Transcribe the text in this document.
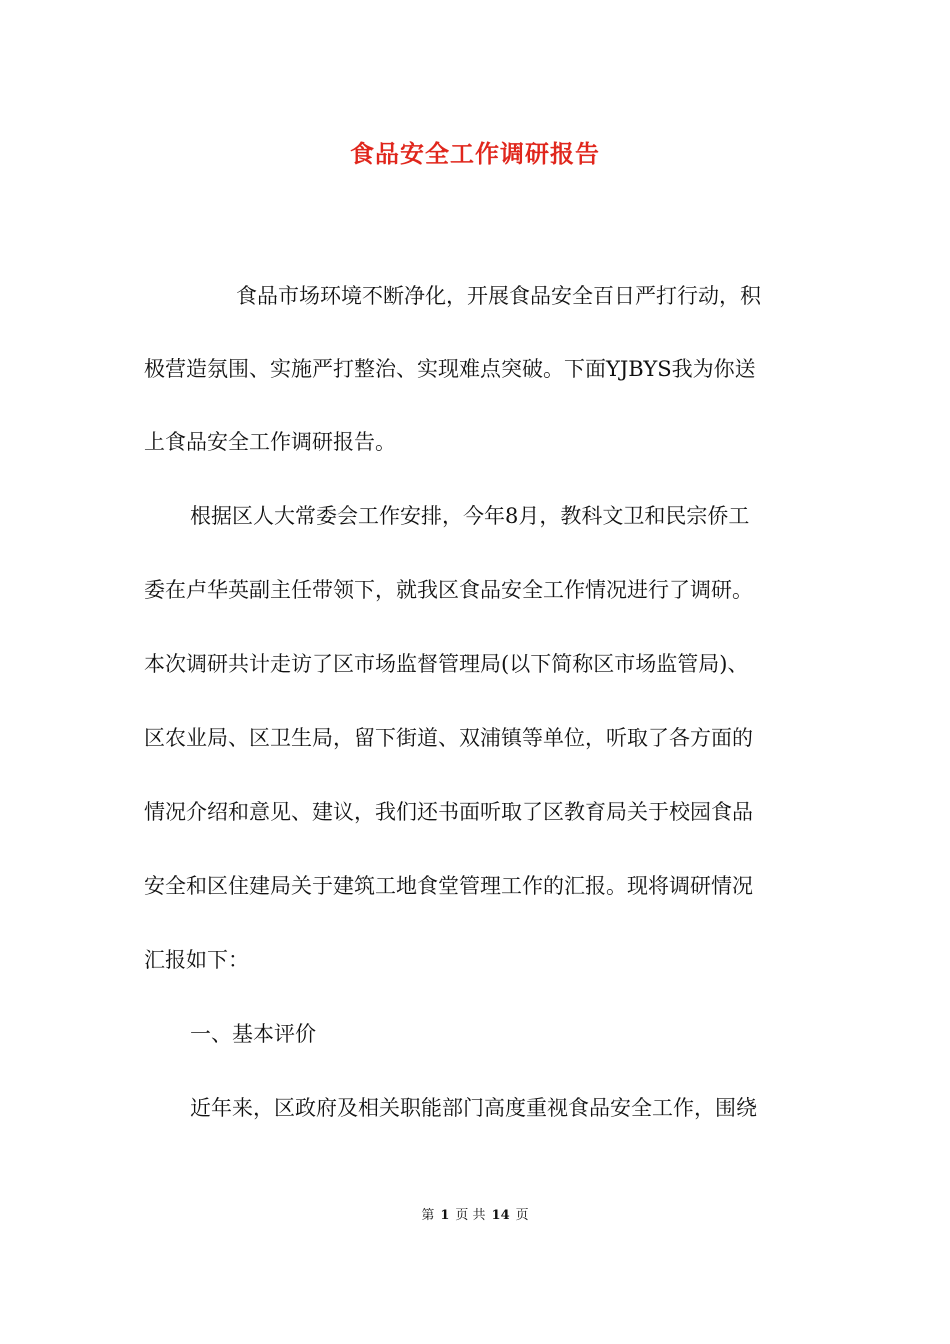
食品安全工作调研报告
食品市场环境不断净化，开展食品安全百日严打行动，积
极营造氛围、实施严打整治、实现难点突破。下面YJBYS我为你送
上食品安全工作调研报告。
根据区人大常委会工作安排，今年8月，教科文卫和民宗侨工
委在卢华英副主任带领下，就我区食品安全工作情况进行了调研。
本次调研共计走访了区市场监督管理局(以下简称区市场监管局)、
区农业局、区卫生局，留下街道、双浦镇等单位，听取了各方面的
情况介绍和意见、建议，我们还书面听取了区教育局关于校园食品
安全和区住建局关于建筑工地食堂管理工作的汇报。现将调研情况
汇报如下：
一、基本评价
近年来，区政府及相关职能部门高度重视食品安全工作，围绕
第 1 页 共 14 页
